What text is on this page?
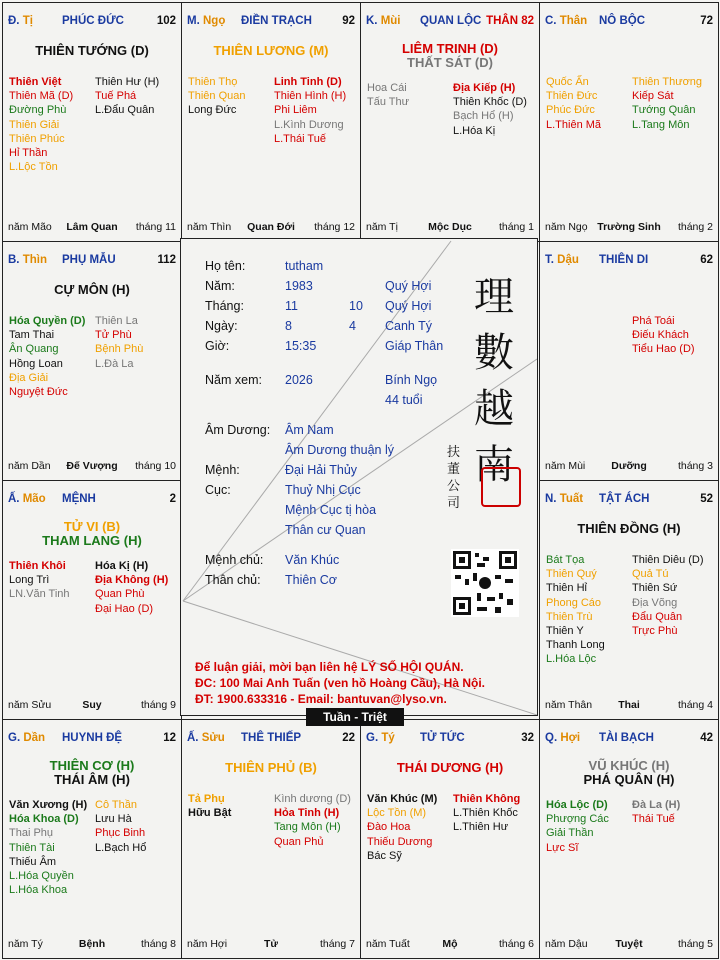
Đ. Tị	PHÚC ĐỨC	102
THIÊN TƯỚNG (D)
Thiên Việt
Thiên Mã (D)
Đường Phù
Thiên Giải
Thiên Phúc
Hỉ Thần
L.Lộc Tồn
Thiên Hư (H)
Tuế Phá
L.Đẩu Quân
năm Mão Lâm Quan tháng 11
M. Ngọ ĐIỀN TRẠCH	92
THIÊN LƯƠNG (M)
Thiên Thọ
Thiên Quan
Long Đức
Linh Tinh (D)
Thiên Hình (H)
Phi Liêm
L.Kình Dương
L.Thái Tuế
năm Thìn Quan Đới tháng 12
K. Mùi QUAN LỘC THÂN 82
LIÊM TRINH (D)
THẤT SÁT (D)
Hoa Cái
Tấu Thư
Địa Kiếp (H)
Thiên Khốc (D)
Bạch Hổ (H)
L.Hóa Kị
năm Tị	Mộc Dục	tháng 1
C. Thân NÔ BỘC	72
Quốc Ấn
Thiên Đức
Phúc Đức
L.Thiên Mã
Thiên Thương
Kiếp Sát
Tướng Quân
L.Tang Môn
năm Ngọ Trường Sinh tháng 2
B. Thìn PHỤ MẪU	112
CỰ MÔN (H)
Hóa Quyền (D)
Tam Thai
Ân Quang
Hồng Loan
Địa Giải
Nguyệt Đức
Thiên La
Tử Phù
Bệnh Phù
L.Đà La
năm Dần Đế Vượng tháng 10
T. Dậu THIÊN DI	62
Phá Toái
Điếu Khách
Tiểu Hao (D)
năm Mùi Dưỡng	tháng 3
Ấ. Mão MỆNH	2
TỬ VI (B)
THAM LANG (H)
Thiên Khôi
Long Trì
LN.Văn Tinh
Hóa Kị (H)
Địa Không (H)
Quan Phù
Đại Hao (D)
năm Sửu	Suy	tháng 9
N. Tuất TẬT ÁCH	52
THIÊN ĐỒNG (H)
Bát Tọa
Thiên Quý
Thiên Hỉ
Phong Cáo
Thiên Trù
Thiên Y
Thanh Long
L.Hóa Lộc
Thiên Diêu (D)
Quả Tú
Thiên Sứ
Địa Võng
Đẩu Quân
Trực Phù
năm Thân Thai	tháng 4
G. Dần HUYNH ĐỆ	12
THIÊN CƠ (H)
THÁI ÂM (H)
Văn Xương (H)
Hóa Khoa (D)
Thai Phụ
Thiên Tài
Thiếu Âm
L.Hóa Quyền
L.Hóa Khoa
Cô Thần
Lưu Hà
Phục Binh
L.Bạch Hổ
năm Tý	Bệnh	tháng 8
Ấ. Sửu THÊ THIẾP	22
THIÊN PHỦ (B)
Tả Phụ
Hữu Bật
Kình dương (D)
Hỏa Tinh (H)
Tang Môn (H)
Quan Phủ
năm Hợi	Tử	tháng 7
G. Tý TỬ TỨC	32
THÁI DƯƠNG (H)
Văn Khúc (M)
Lộc Tồn (M)
Đào Hoa
Thiếu Dương
Bác Sỹ
Thiên Không
L.Thiên Khốc
L.Thiên Hư
năm Tuất	Mộ	tháng 6
Q. Hợi TÀI BẠCH	42
VŨ KHÚC (H)
PHÁ QUÂN (H)
Hóa Lộc (D)
Phượng Các
Giải Thần
Lực Sĩ
Đà La (H)
Thái Tuế
năm Dậu	Tuyệt	tháng 5
Họ tên:	tutham
Năm:	1983	Quý Hợi
Tháng:	11	10 Quý Hợi
Ngày:	8	4 Canh Tý
Giờ:	15:35	Giáp Thân
Năm xem: 2026	Bính Ngọ
44 tuổi
Âm Dương: Âm Nam
Âm Dương thuận lý
Mệnh:	Đại Hải Thủy
Cục:	Thuỷ Nhị Cục
Mệnh Cục tị hòa
Thân cư Quan
Mệnh chủ: Văn Khúc
Thân chủ: Thiên Cơ
理
數
越
南
扶董公司
Để luận giải, mời bạn liên hệ LÝ SỐ HỘI QUÁN.
ĐC: 100 Mai Anh Tuấn (ven hồ Hoàng Cầu), Hà Nội.
ĐT: 1900.633316 - Email: bantuvan@lyso.vn.
Tuần - Triệt
